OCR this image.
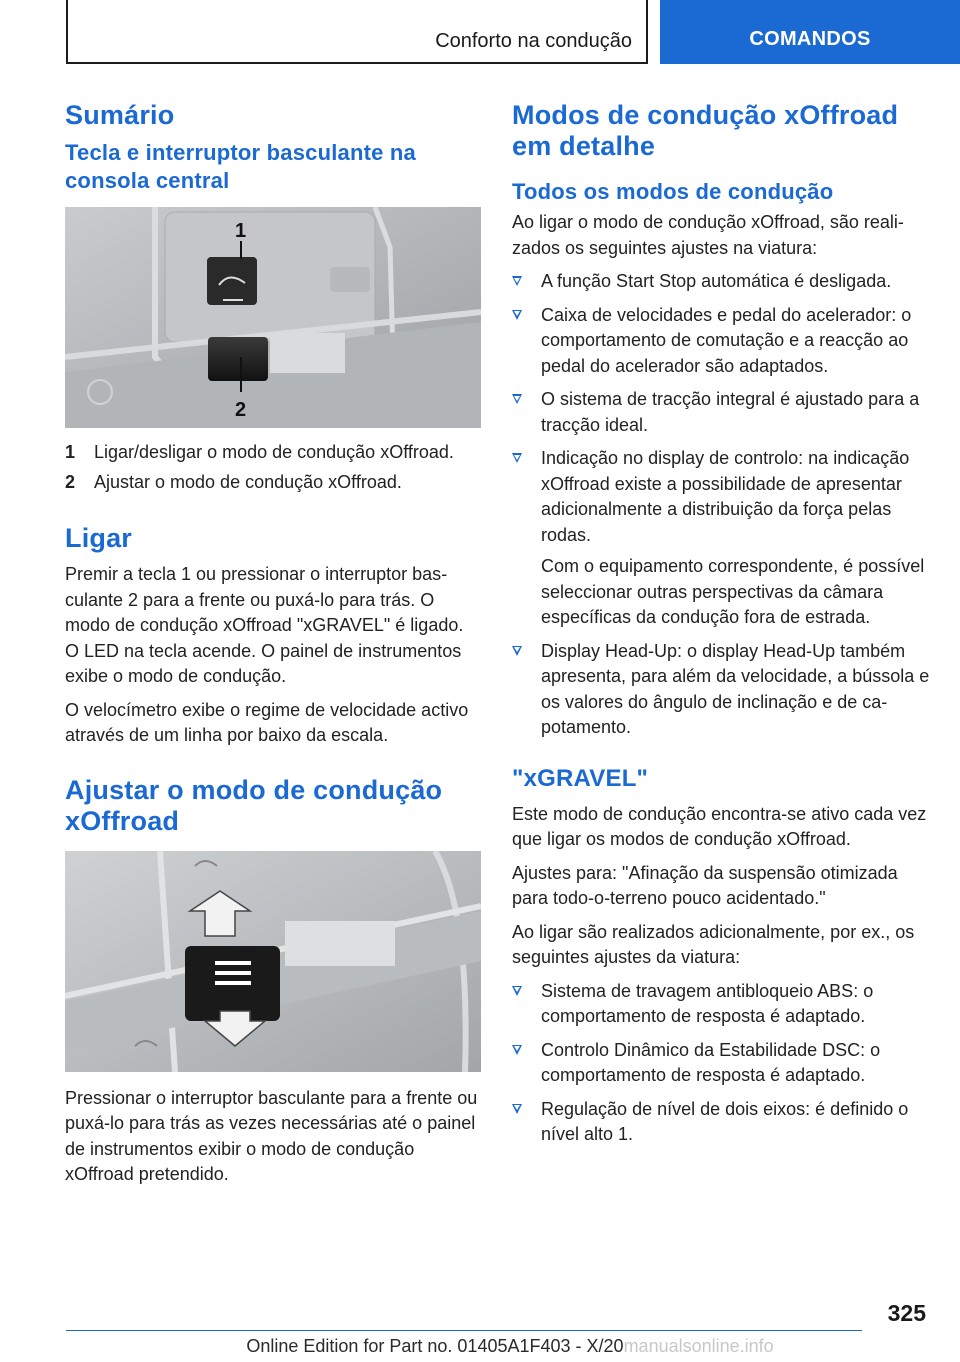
Conforto na condução	COMANDOS
Sumário
Tecla e interruptor basculante na consola central
1
2
1	Ligar/desligar o modo de condução xOffroad.
2	Ajustar o modo de condução xOffroad.
Ligar

Premir a tecla 1 ou pressionar o interruptor basculante 2 para a frente ou puxá-lo para trás. O modo de condução xOffroad "xGRAVEL" é ligado. O LED na tecla acende. O painel de instrumentos exibe o modo de condução.

O velocímetro exibe o regime de velocidade activo através de um linha por baixo da escala.

Ajustar o modo de condução xOffroad

Pressionar o interruptor basculante para a frente ou puxá-lo para trás as vezes necessárias até o painel de instrumentos exibir o modo de condução xOffroad pretendido.

Modos de condução xOffroad em detalhe
Todos os modos de condução

Ao ligar o modo de condução xOffroad, são realizados os seguintes ajustes na viatura:

A função Start Stop automática é desligada.
Caixa de velocidades e pedal do acelerador: o comportamento de comutação e a reacção ao pedal do acelerador são adaptados.
O sistema de tracção integral é ajustado para a tracção ideal.
Indicação no display de controlo: na indicação xOffroad existe a possibilidade de apresentar adicionalmente a distribuição da força pelas rodas.
Com o equipamento correspondente, é possível seleccionar outras perspectivas da câmara específicas da condução fora de estrada.
Display Head-Up: o display Head-Up também apresenta, para além da velocidade, a bússola e os valores do ângulo de inclinação e de capotamento.
"xGRAVEL"

Este modo de condução encontra-se ativo cada vez que ligar os modos de condução xOffroad.

Ajustes para: "Afinação da suspensão otimizada para todo-o-terreno pouco acidentado."

Ao ligar são realizados adicionalmente, por ex., os seguintes ajustes da viatura:

Sistema de travagem antibloqueio ABS: o comportamento de resposta é adaptado.
Controlo Dinâmico da Estabilidade DSC: o comportamento de resposta é adaptado.
Regulação de nível de dois eixos: é definido o nível alto 1.
325
Online Edition for Part no. 01405A1F403 - X/20manualsonline.info
